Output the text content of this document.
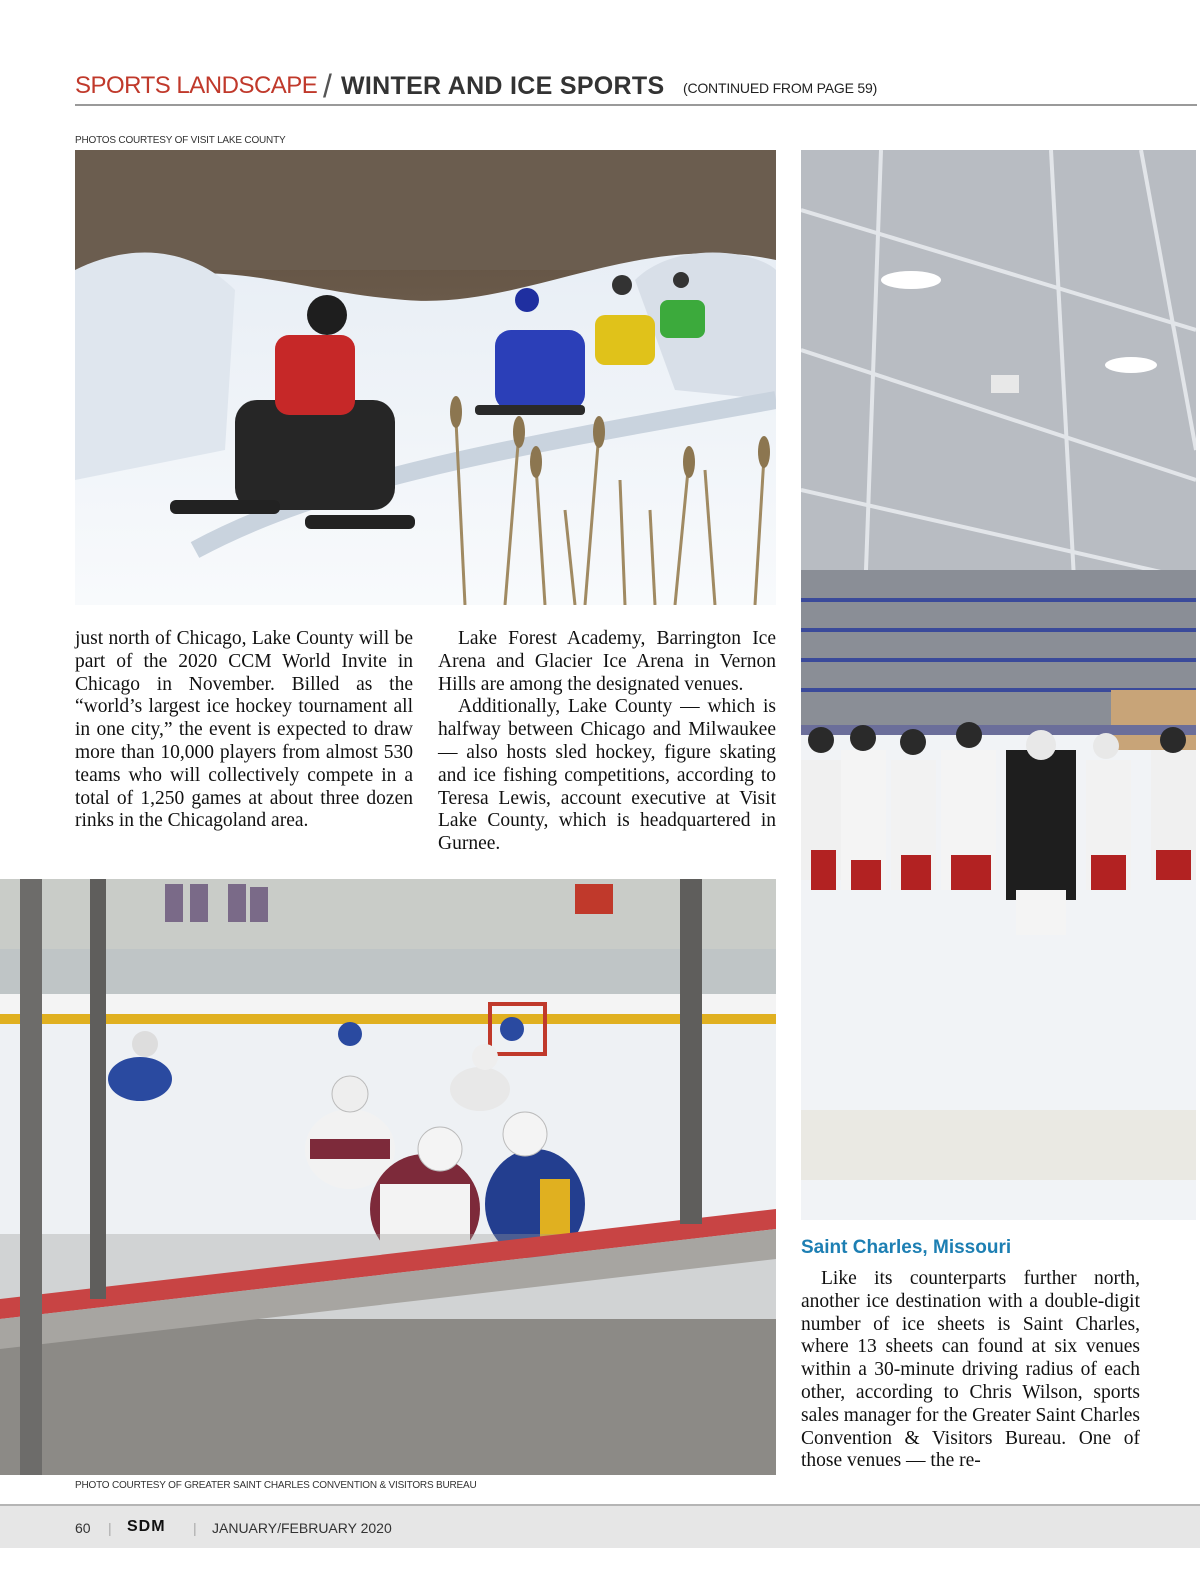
SPORTS LANDSCAPE / WINTER AND ICE SPORTS (CONTINUED FROM PAGE 59)
PHOTOS COURTESY OF VISIT LAKE COUNTY

just north of Chicago, Lake County will be part of the 2020 CCM World Invite in Chicago in November. Billed as the “world’s largest ice hockey tournament all in one city,” the event is expected to draw more than 10,000 players from almost 530 teams who will collectively compete in a total of 1,250 games at about three dozen rinks in the Chicagoland area.

Lake Forest Academy, Barrington Ice Arena and Glacier Ice Arena in Vernon Hills are among the designated venues.

Additionally, Lake County — which is halfway between Chicago and Milwaukee — also hosts sled hockey, figure skating and ice fishing competitions, according to Teresa Lewis, account executive at Visit Lake County, which is headquartered in Gurnee.

Saint Charles, Missouri

Like its counterparts further north, another ice destination with a double-digit number of ice sheets is Saint Charles, where 13 sheets can found at six venues within a 30-minute driving radius of each other, according to Chris Wilson, sports sales manager for the Greater Saint Charles Convention & Visitors Bureau. One of those venues — the re-

PHOTO COURTESY OF GREATER SAINT CHARLES CONVENTION & VISITORS BUREAU
60 | SDM | JANUARY/FEBRUARY 2020
